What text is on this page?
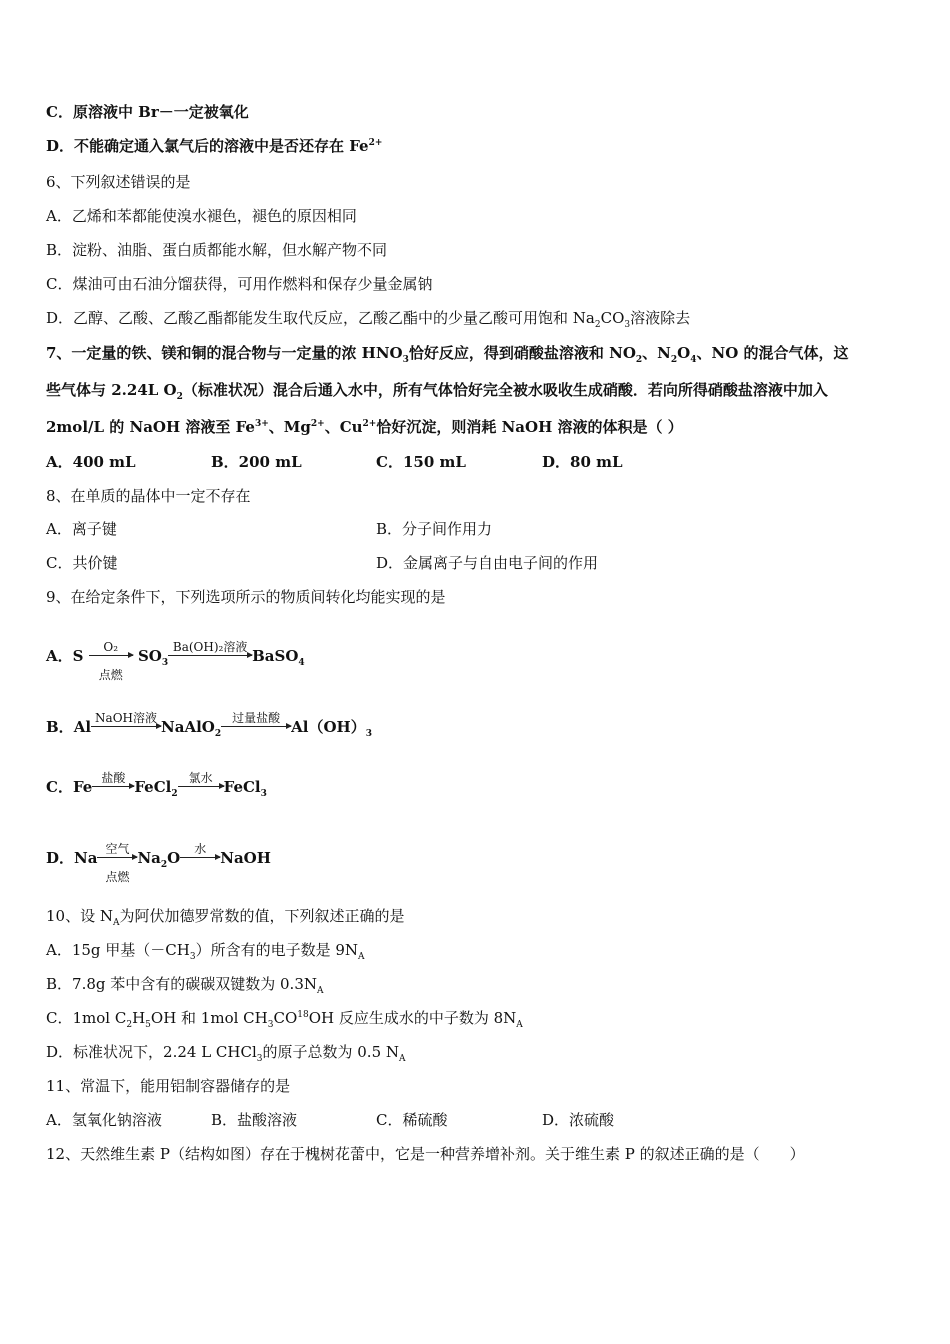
C．原溶液中 Br－一定被氧化
D．不能确定通入氯气后的溶液中是否还存在 $Fe^{2+}$
6、下列叙述错误的是
A．乙烯和苯都能使溴水褪色，褪色的原因相同
B．淀粉、油脂、蛋白质都能水解，但水解产物不同
C．煤油可由石油分馏获得，可用作燃料和保存少量金属钠
D．乙醇、乙酸、乙酸乙酯都能发生取代反应，乙酸乙酯中的少量乙酸可用饱和 $Na_2CO_3$溶液除去
7、一定量的铁、镁和铜的混合物与一定量的浓 $HNO_3$恰好反应，得到硝酸盐溶液和 $NO_2$、$N_2O_4$、NO 的混合气体，这
些气体与 2.24L $O_2$（标准状况）混合后通入水中，所有气体恰好完全被水吸收生成硝酸．若向所得硝酸盐溶液中加入
2mol/L 的 NaOH 溶液至 $Fe^{3+}$、$Mg^{2+}$、$Cu^{2+}$恰好沉淀，则消耗 NaOH 溶液的体积是（ ）
A．400 mL	B．200 mL	C．150 mL	D．80 mL
8、在单质的晶体中一定不存在
A．离子键	B．分子间作用力
C．共价键	D．金属离子与自由电子间的作用
9、在给定条件下，下列选项所示的物质间转化均能实现的是
A．S	O₂
点燃
$SO_3$
Ba(OH)₂溶液 BaSO$_4$
B．Al NaOH溶液 NaAlO$_2$
过量盐酸 $Al(OH)_3$
C．Fe 盐酸 FeCl$_2$
氯水 FeCl$_3$
D．Na 空气
点燃
$Na_2O$	水 NaOH
10、设 $N_A$为阿伏加德罗常数的值，下列叙述正确的是
A．15g 甲基$(-CH_3)$所含有的电子数是 $9N_A$
B．7.8g 苯中含有的碳碳双键数为 $0.3N_A$
C．1mol $C_2H_5OH$ 和 1mol $CH_3CO^{18}OH$ 反应生成水的中子数为 $8N_A$
D．标准状况下，2.24 L CHCl$_3$的原子总数为 0.5 $N_A$
11、常温下，能用铝制容器储存的是
A．氢氧化钠溶液	B．盐酸溶液	C．稀硫酸	D．浓硫酸
12、天然维生素 P（结构如图）存在于槐树花蕾中，它是一种营养增补剂。关于维生素 P 的叙述正确的是（　　）
